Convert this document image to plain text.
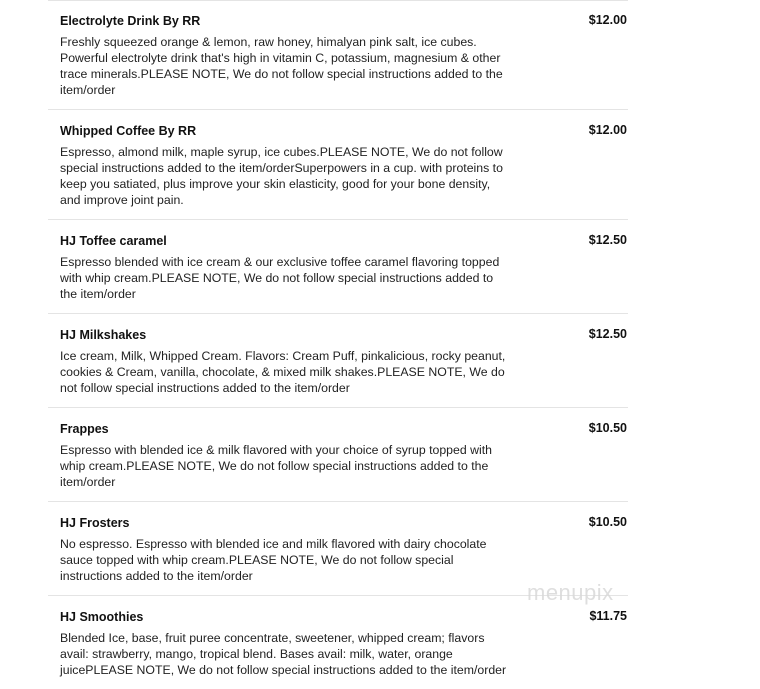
Electrolyte Drink By RR	$12.00
Freshly squeezed orange & lemon, raw honey, himalyan pink salt, ice cubes. Powerful electrolyte drink that's high in vitamin C, potassium, magnesium & other trace minerals.PLEASE NOTE, We do not follow special instructions added to the item/order
Whipped Coffee By RR	$12.00
Espresso, almond milk, maple syrup, ice cubes.PLEASE NOTE, We do not follow special instructions added to the item/orderSuperpowers in a cup. with proteins to keep you satiated, plus improve your skin elasticity, good for your bone density, and improve joint pain.
HJ Toffee caramel	$12.50
Espresso blended with ice cream & our exclusive toffee caramel flavoring topped with whip cream.PLEASE NOTE, We do not follow special instructions added to the item/order
HJ Milkshakes	$12.50
Ice cream, Milk, Whipped Cream. Flavors: Cream Puff, pinkalicious, rocky peanut, cookies & Cream, vanilla, chocolate, & mixed milk shakes.PLEASE NOTE, We do not follow special instructions added to the item/order
Frappes	$10.50
Espresso with blended ice & milk flavored with your choice of syrup topped with whip cream.PLEASE NOTE, We do not follow special instructions added to the item/order
HJ Frosters	$10.50
No espresso. Espresso with blended ice and milk flavored with dairy chocolate sauce topped with whip cream.PLEASE NOTE, We do not follow special instructions added to the item/order
HJ Smoothies	$11.75
Blended Ice, base, fruit puree concentrate, sweetener, whipped cream; flavors avail: strawberry, mango, tropical blend. Bases avail: milk, water, orange juicePLEASE NOTE, We do not follow special instructions added to the item/order
menupix
